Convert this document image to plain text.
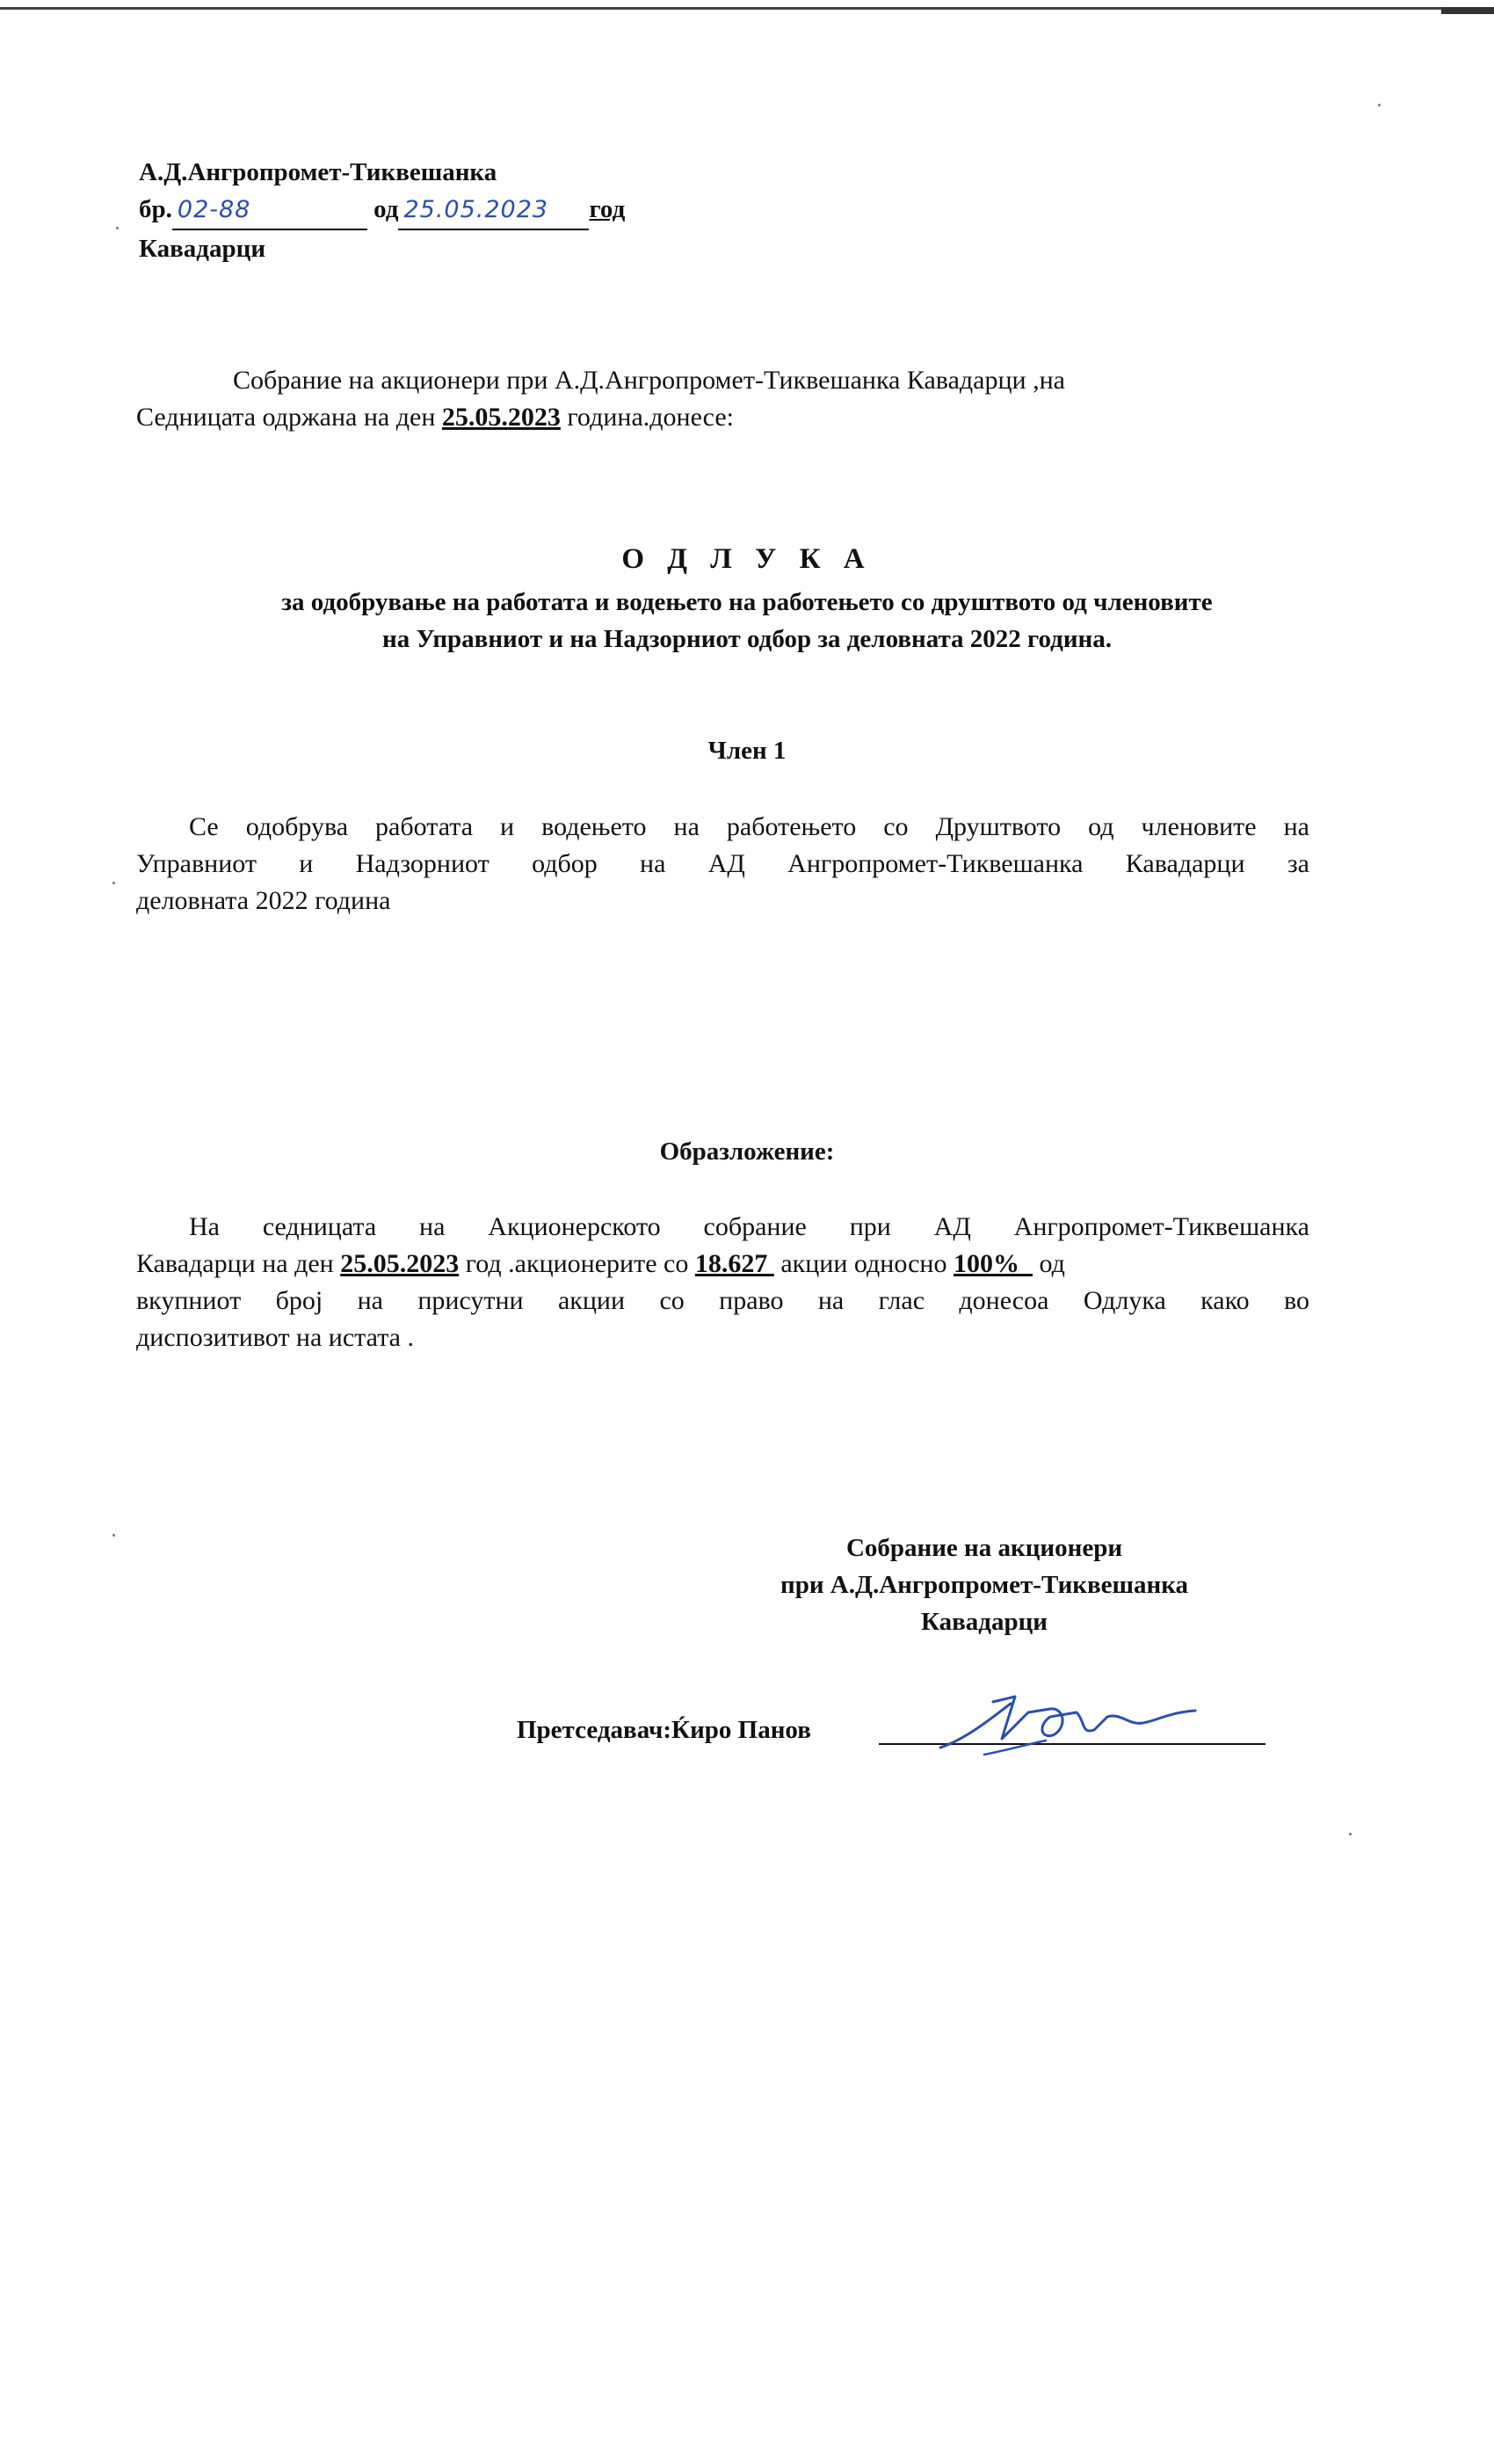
А.Д.Ангропромет-Тиквешанка
бр. 02-88	од 25.05.2023 год
Кавадарци
Собрание на акционери при А.Д.Ангропромет-Тиквешанка Кавадарци ,на
Седницата одржана на ден 25.05.2023 година.донесе:
О Д Л У К А
за одобрување на работата и водењето на работењето со друштвото од членовите
на Управниот и на Надзорниот одбор за деловната 2022 година.
Член 1
Се одобрува работата и водењето на работењето со Друштвото од членовите на
Управниот и Надзорниот одбор на АД Ангропромет-Тиквешанка Кавадарци за
деловната 2022 година
Образложение:
На седницата на Акционерското собрание при АД Ангропромет-Тиквешанка
Кавадарци на ден 25.05.2023 год .акционерите со 18.627  акции односно 100%   од
вкупниот број на присутни акции со право на глас донесоа Одлука како во
диспозитивот на истата .
Собрание на акционери
при А.Д.Ангропромет-Тиквешанка
Кавадарци
Претседавач:Ќиро Панов
